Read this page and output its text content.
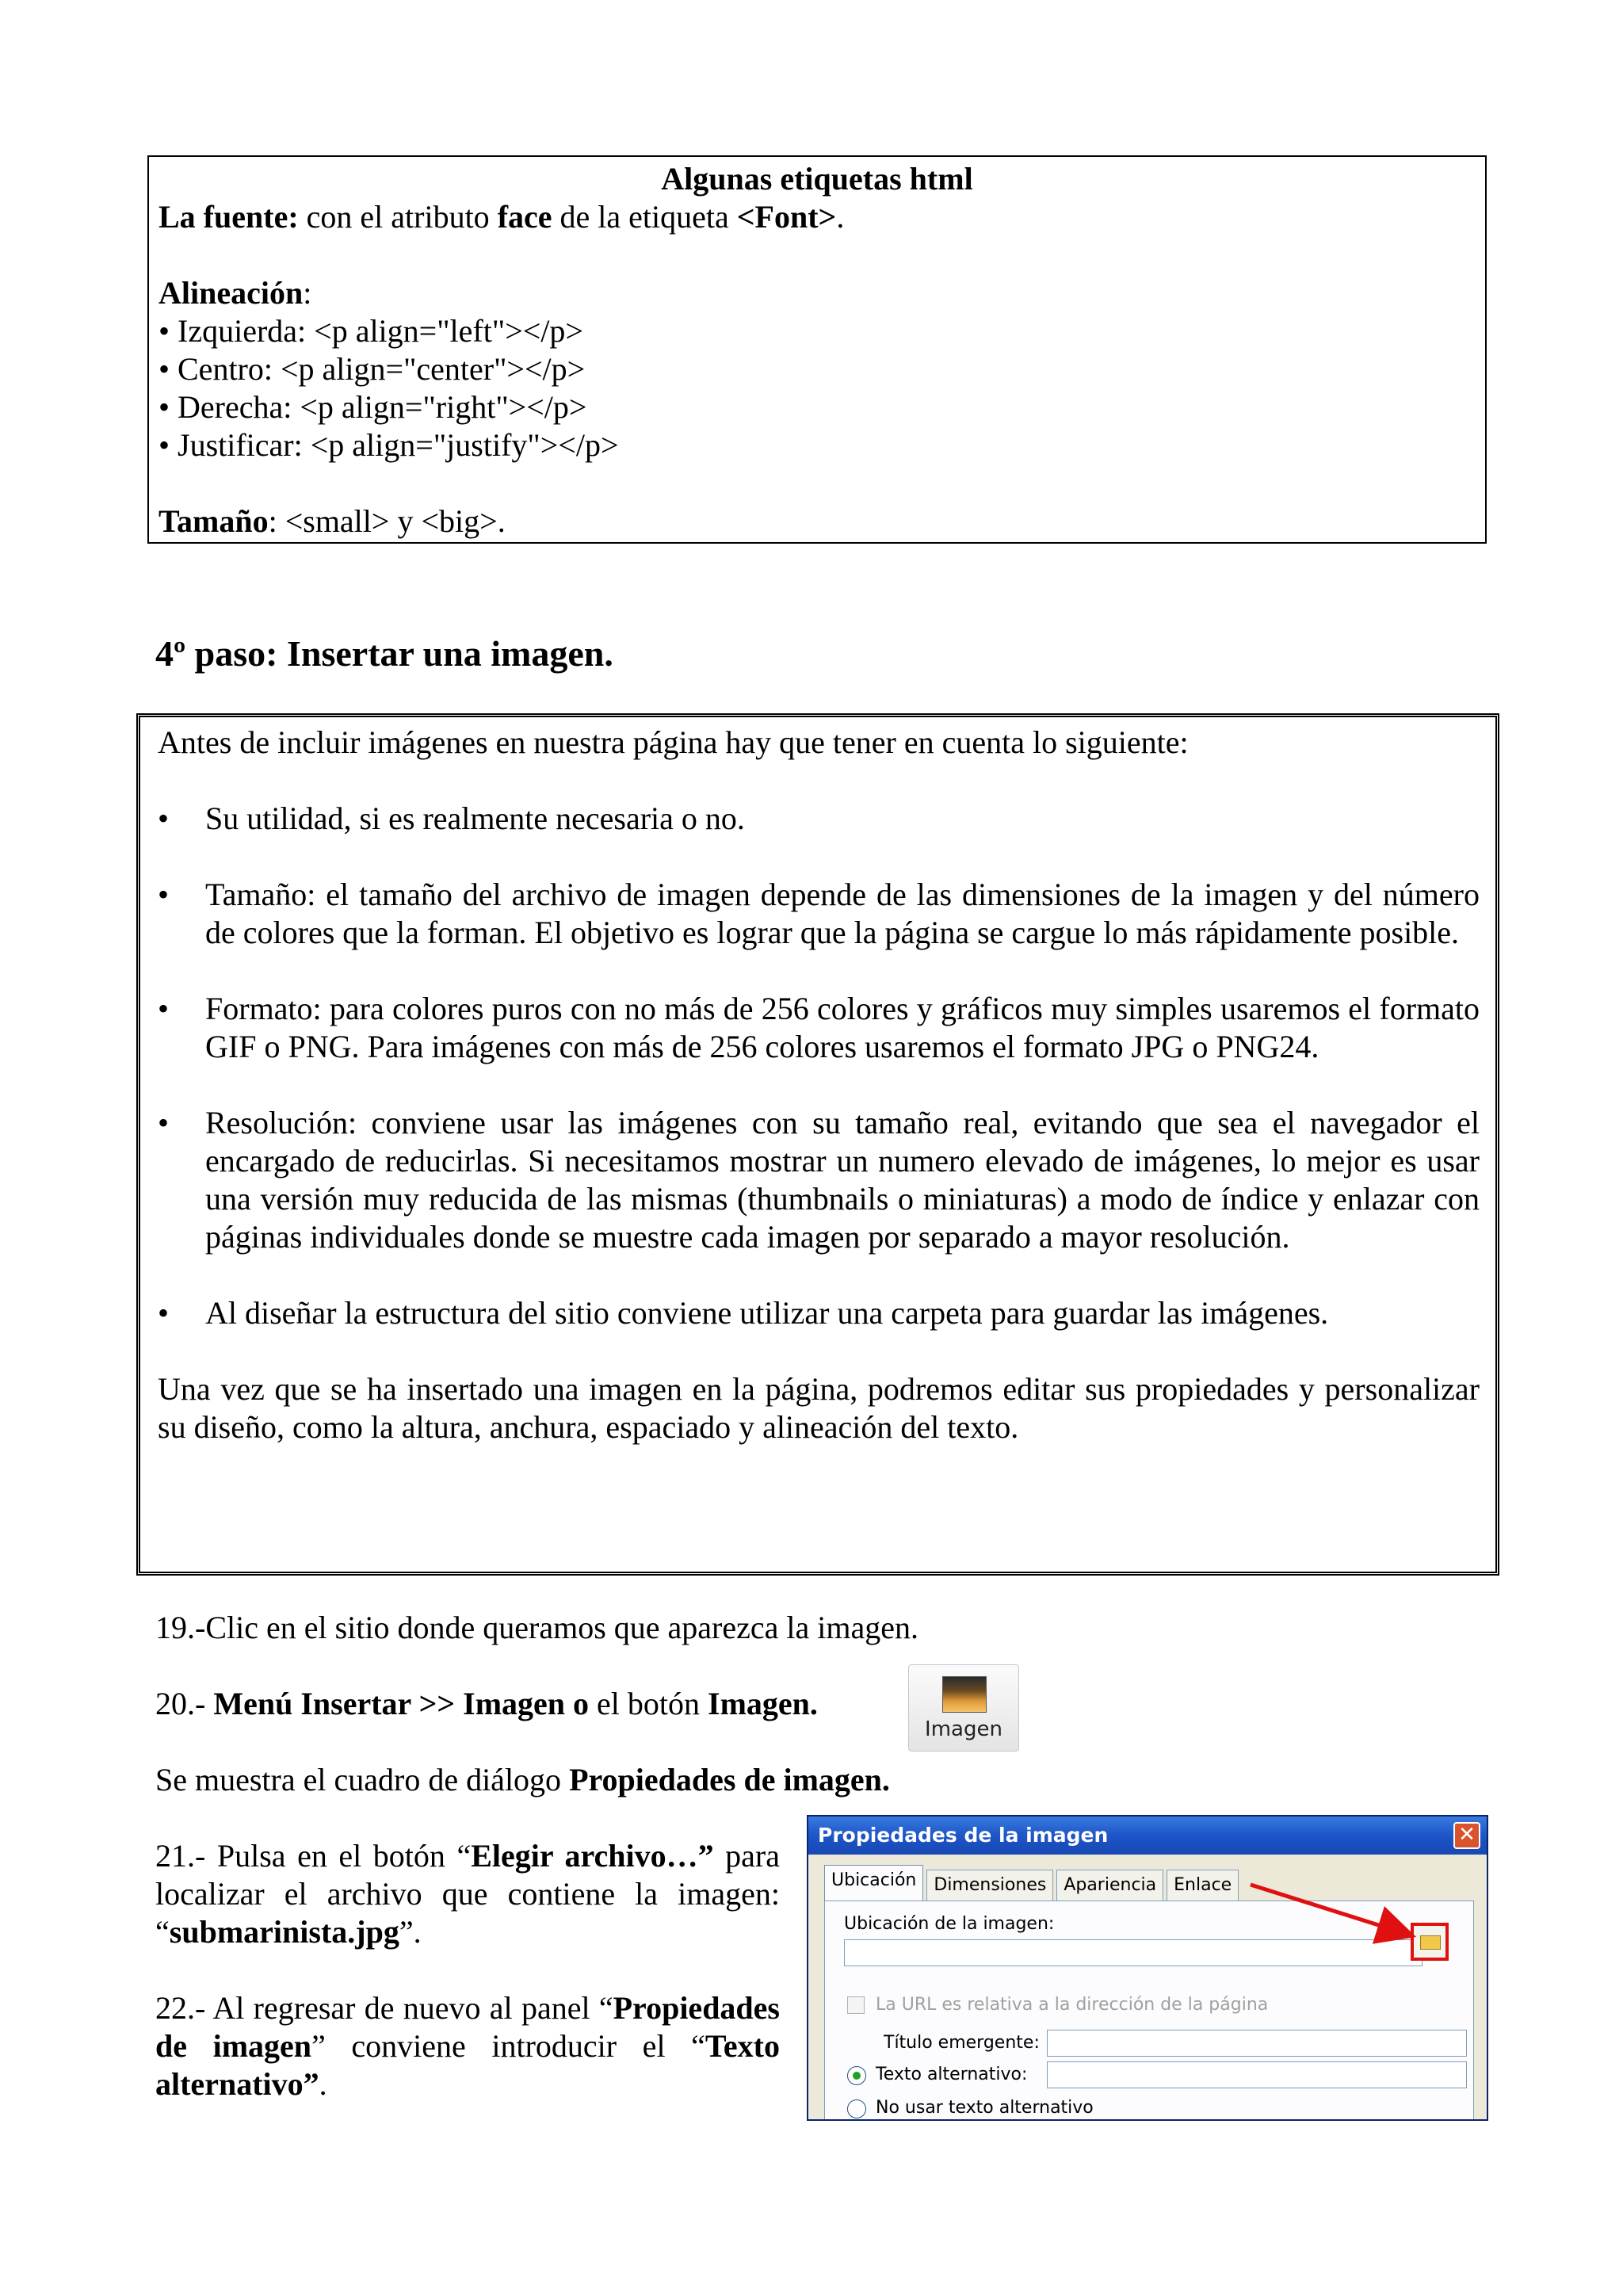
Algunas etiquetas html
La fuente: con el atributo face de la etiqueta <Font>.
Alineación:
• Izquierda: <p align="left"></p>
• Centro: <p align="center"></p>
• Derecha: <p align="right"></p>
• Justificar: <p align="justify"></p>
Tamaño: <small> y <big>.
4º paso: Insertar una imagen.

Antes de incluir imágenes en nuestra página hay que tener en cuenta lo siguiente:

•	Su utilidad, si es realmente necesaria o no.
•	Tamaño: el tamaño del archivo de imagen depende de las dimensiones de la imagen y del número de colores que la forman. El objetivo es lograr que la página se cargue lo más rápidamente posible.
•	Formato: para colores puros con no más de 256 colores y gráficos muy simples usaremos el formato GIF o PNG. Para imágenes con más de 256 colores usaremos el formato JPG o PNG24.
•	Resolución: conviene usar las imágenes con su tamaño real, evitando que sea el navegador el encargado de reducirlas. Si necesitamos mostrar un numero elevado de imágenes, lo mejor es usar una versión muy reducida de las mismas (thumbnails o miniaturas) a modo de índice y enlazar con páginas individuales donde se muestre cada imagen por separado a mayor resolución.
•	Al diseñar la estructura del sitio conviene utilizar una carpeta para guardar las imágenes.

Una vez que se ha insertado una imagen en la página, podremos editar sus propiedades y personalizar su diseño, como la altura, anchura, espaciado y alineación del texto.

19.-Clic en el sitio donde queramos que aparezca la imagen.
20.- Menú Insertar >> Imagen o el botón Imagen.
Imagen
Se muestra el cuadro de diálogo Propiedades de imagen.
21.- Pulsa en el botón “Elegir archivo…” para localizar el archivo que contiene la imagen: “submarinista.jpg”.
22.- Al regresar de nuevo al panel “Propiedades de imagen” conviene introducir el “Texto alternativo”.
Propiedades de la imagen	✕
Ubicación	Dimensiones	Apariencia	Enlace
Ubicación de la imagen:
La URL es relativa a la dirección de la página
Título emergente:
Texto alternativo:
No usar texto alternativo
